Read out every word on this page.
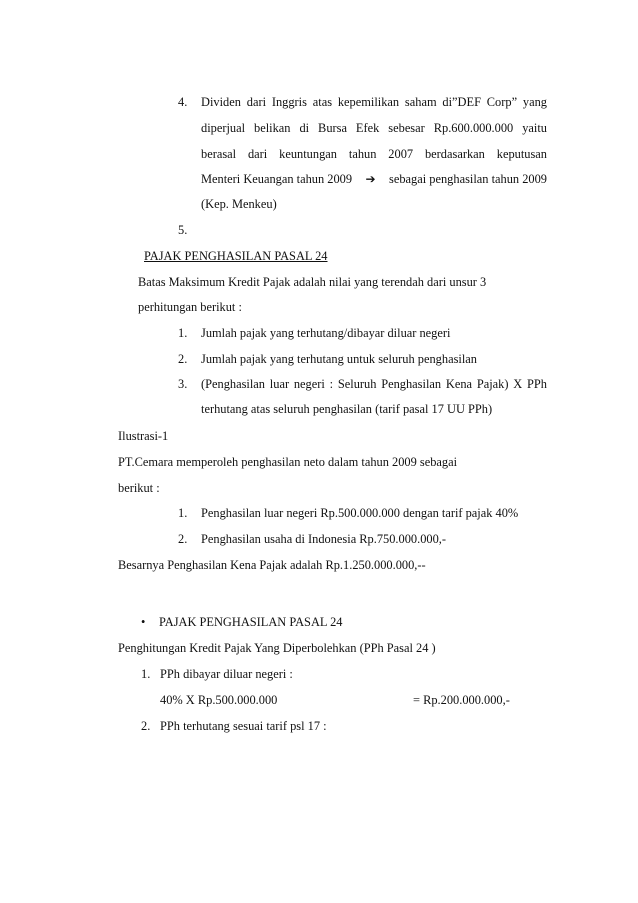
4. Dividen dari Inggris atas kepemilikan saham di”DEF Corp” yang
diperjual belikan di Bursa Efek sebesar Rp.600.000.000 yaitu
berasal dari keuntungan tahun 2007 berdasarkan keputusan
Menteri Keuangan tahun 2009 ➔ sebagai penghasilan tahun 2009
(Kep. Menkeu)
5.
PAJAK PENGHASILAN PASAL 24
Batas Maksimum Kredit Pajak adalah nilai yang terendah dari unsur 3
perhitungan berikut :
1. Jumlah pajak yang terhutang/dibayar diluar negeri
2. Jumlah pajak yang terhutang untuk seluruh penghasilan
3. (Penghasilan luar negeri : Seluruh Penghasilan Kena Pajak) X PPh
terhutang atas seluruh penghasilan (tarif pasal 17 UU PPh)
Ilustrasi-1
PT.Cemara memperoleh penghasilan neto dalam tahun 2009 sebagai
berikut :
1. Penghasilan luar negeri Rp.500.000.000 dengan tarif pajak 40%
2. Penghasilan usaha di Indonesia Rp.750.000.000,-
Besarnya Penghasilan Kena Pajak adalah Rp.1.250.000.000,--
• PAJAK PENGHASILAN PASAL 24
Penghitungan Kredit Pajak Yang Diperbolehkan (PPh Pasal 24 )
1. PPh dibayar diluar negeri :
40% X Rp.500.000.000	= Rp.200.000.000,-
2. PPh terhutang sesuai tarif psl 17 :
